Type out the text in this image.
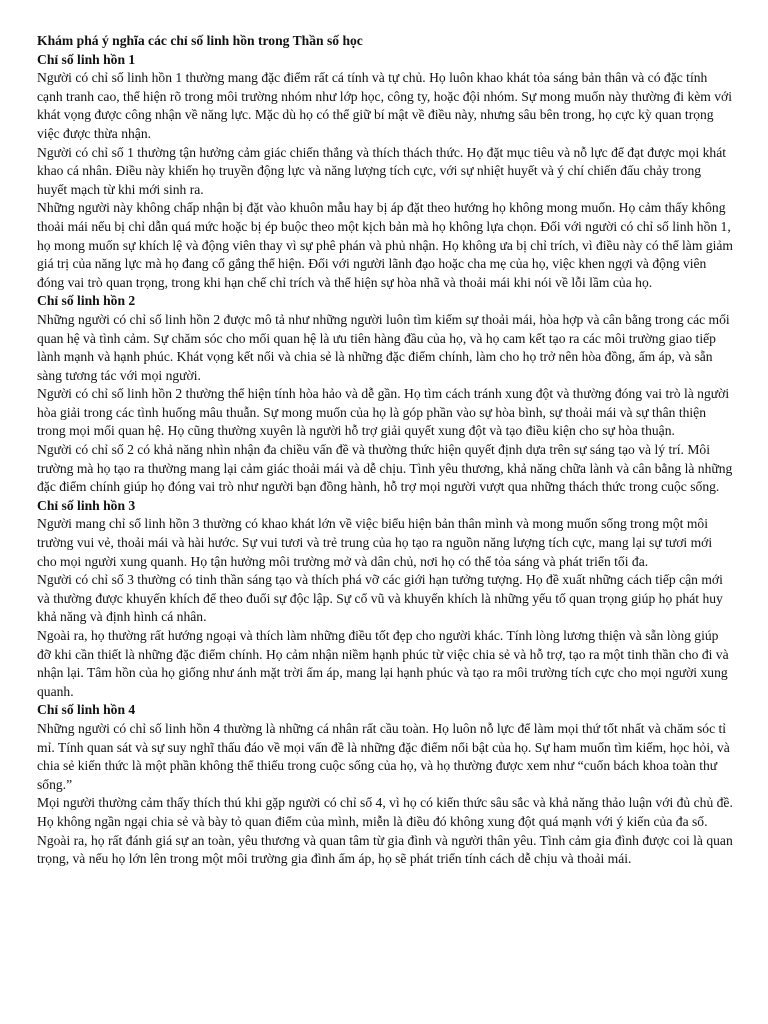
Khám phá ý nghĩa các chỉ số linh hồn trong Thần số học
Chỉ số linh hồn 1

Người có chỉ số linh hồn 1 thường mang đặc điểm rất cá tính và tự chủ. Họ luôn khao khát tỏa sáng bản thân và có đặc tính cạnh tranh cao, thể hiện rõ trong môi trường nhóm như lớp học, công ty, hoặc đội nhóm. Sự mong muốn này thường đi kèm với khát vọng được công nhận về năng lực. Mặc dù họ có thể giữ bí mật về điều này, nhưng sâu bên trong, họ cực kỳ quan trọng việc được thừa nhận.

Người có chỉ số 1 thường tận hưởng cảm giác chiến thắng và thích thách thức. Họ đặt mục tiêu và nỗ lực để đạt được mọi khát khao cá nhân. Điều này khiến họ truyền động lực và năng lượng tích cực, với sự nhiệt huyết và ý chí chiến đấu chảy trong huyết mạch từ khi mới sinh ra.

Những người này không chấp nhận bị đặt vào khuôn mẫu hay bị áp đặt theo hướng họ không mong muốn. Họ cảm thấy không thoải mái nếu bị chỉ dẫn quá mức hoặc bị ép buộc theo một kịch bản mà họ không lựa chọn. Đối với người có chỉ số linh hồn 1, họ mong muốn sự khích lệ và động viên thay vì sự phê phán và phủ nhận. Họ không ưa bị chỉ trích, vì điều này có thể làm giảm giá trị của năng lực mà họ đang cố gắng thể hiện. Đối với người lãnh đạo hoặc cha mẹ của họ, việc khen ngợi và động viên đóng vai trò quan trọng, trong khi hạn chế chỉ trích và thể hiện sự hòa nhã và thoải mái khi nói về lỗi lầm của họ.

Chỉ số linh hồn 2

Những người có chỉ số linh hồn 2 được mô tả như những người luôn tìm kiếm sự thoải mái, hòa hợp và cân bằng trong các mối quan hệ và tình cảm. Sự chăm sóc cho mối quan hệ là ưu tiên hàng đầu của họ, và họ cam kết tạo ra các môi trường giao tiếp lành mạnh và hạnh phúc. Khát vọng kết nối và chia sẻ là những đặc điểm chính, làm cho họ trở nên hòa đồng, ấm áp, và sẵn sàng tương tác với mọi người.

Người có chỉ số linh hồn 2 thường thể hiện tính hòa hảo và dễ gần. Họ tìm cách tránh xung đột và thường đóng vai trò là người hòa giải trong các tình huống mâu thuẫn. Sự mong muốn của họ là góp phần vào sự hòa bình, sự thoải mái và sự thân thiện trong mọi mối quan hệ. Họ cũng thường xuyên là người hỗ trợ giải quyết xung đột và tạo điều kiện cho sự hòa thuận.

Người có chỉ số 2 có khả năng nhìn nhận đa chiều vấn đề và thường thức hiện quyết định dựa trên sự sáng tạo và lý trí. Môi trường mà họ tạo ra thường mang lại cảm giác thoải mái và dễ chịu. Tình yêu thương, khả năng chữa lành và cân bằng là những đặc điểm chính giúp họ đóng vai trò như người bạn đồng hành, hỗ trợ mọi người vượt qua những thách thức trong cuộc sống.

Chỉ số linh hồn 3

Người mang chỉ số linh hồn 3 thường có khao khát lớn về việc biểu hiện bản thân mình và mong muốn sống trong một môi trường vui vẻ, thoải mái và hài hước. Sự vui tươi và trẻ trung của họ tạo ra nguồn năng lượng tích cực, mang lại sự tươi mới cho mọi người xung quanh. Họ tận hưởng môi trường mở và dân chủ, nơi họ có thể tỏa sáng và phát triển tối đa.

Người có chỉ số 3 thường có tinh thần sáng tạo và thích phá vỡ các giới hạn tưởng tượng. Họ đề xuất những cách tiếp cận mới và thường được khuyến khích để theo đuổi sự độc lập. Sự cổ vũ và khuyến khích là những yếu tố quan trọng giúp họ phát huy khả năng và định hình cá nhân.

Ngoài ra, họ thường rất hướng ngoại và thích làm những điều tốt đẹp cho người khác. Tính lòng lương thiện và sẵn lòng giúp đỡ khi cần thiết là những đặc điểm chính. Họ cảm nhận niềm hạnh phúc từ việc chia sẻ và hỗ trợ, tạo ra một tinh thần cho đi và nhận lại. Tâm hồn của họ giống như ánh mặt trời ấm áp, mang lại hạnh phúc và tạo ra môi trường tích cực cho mọi người xung quanh.

Chỉ số linh hồn 4

Những người có chỉ số linh hồn 4 thường là những cá nhân rất cầu toàn. Họ luôn nỗ lực để làm mọi thứ tốt nhất và chăm sóc tỉ mỉ. Tính quan sát và sự suy nghĩ thấu đáo về mọi vấn đề là những đặc điểm nổi bật của họ. Sự ham muốn tìm kiếm, học hỏi, và chia sẻ kiến thức là một phần không thể thiếu trong cuộc sống của họ, và họ thường được xem như “cuốn bách khoa toàn thư sống.”

Mọi người thường cảm thấy thích thú khi gặp người có chỉ số 4, vì họ có kiến thức sâu sắc và khả năng thảo luận với đủ chủ đề. Họ không ngần ngại chia sẻ và bày tỏ quan điểm của mình, miễn là điều đó không xung đột quá mạnh với ý kiến của đa số.

Ngoài ra, họ rất đánh giá sự an toàn, yêu thương và quan tâm từ gia đình và người thân yêu. Tình cảm gia đình được coi là quan trọng, và nếu họ lớn lên trong một môi trường gia đình ấm áp, họ sẽ phát triển tính cách dễ chịu và thoải mái.
